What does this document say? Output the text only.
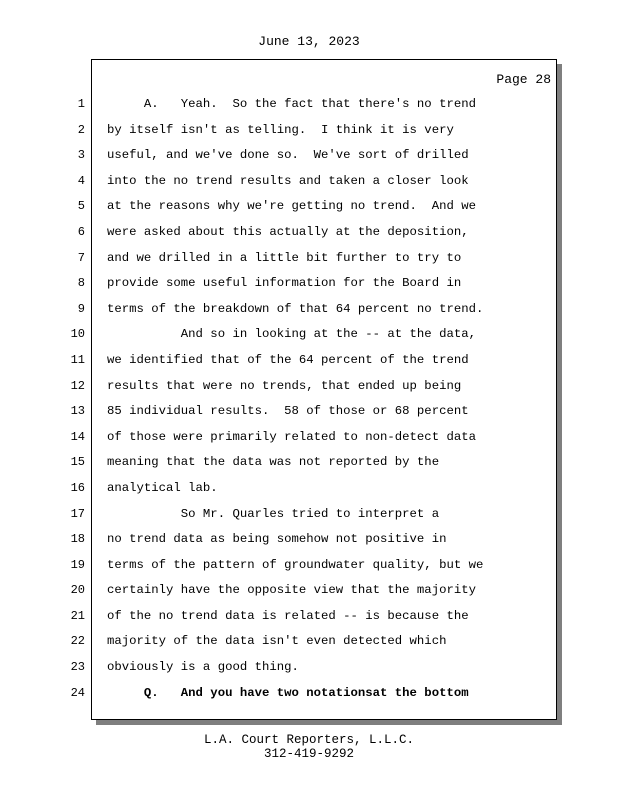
June 13, 2023
Page 28
1
2
3
4
5
6
7
8
9
10
11
12
13
14
15
16
17
18
19
20
21
22
23
24
A.   Yeah.  So the fact that there's no trend
by itself isn't as telling.  I think it is very
useful, and we've done so.  We've sort of drilled
into the no trend results and taken a closer look
at the reasons why we're getting no trend.  And we
were asked about this actually at the deposition,
and we drilled in a little bit further to try to
provide some useful information for the Board in
terms of the breakdown of that 64 percent no trend.
And so in looking at the -- at the data,
we identified that of the 64 percent of the trend
results that were no trends, that ended up being
85 individual results.  58 of those or 68 percent
of those were primarily related to non-detect data
meaning that the data was not reported by the
analytical lab.
So Mr. Quarles tried to interpret a
no trend data as being somehow not positive in
terms of the pattern of groundwater quality, but we
certainly have the opposite view that the majority
of the no trend data is related -- is because the
majority of the data isn't even detected which
obviously is a good thing.
Q.   And you have two notationsat the bottom
L.A. Court Reporters, L.L.C.
312-419-9292
